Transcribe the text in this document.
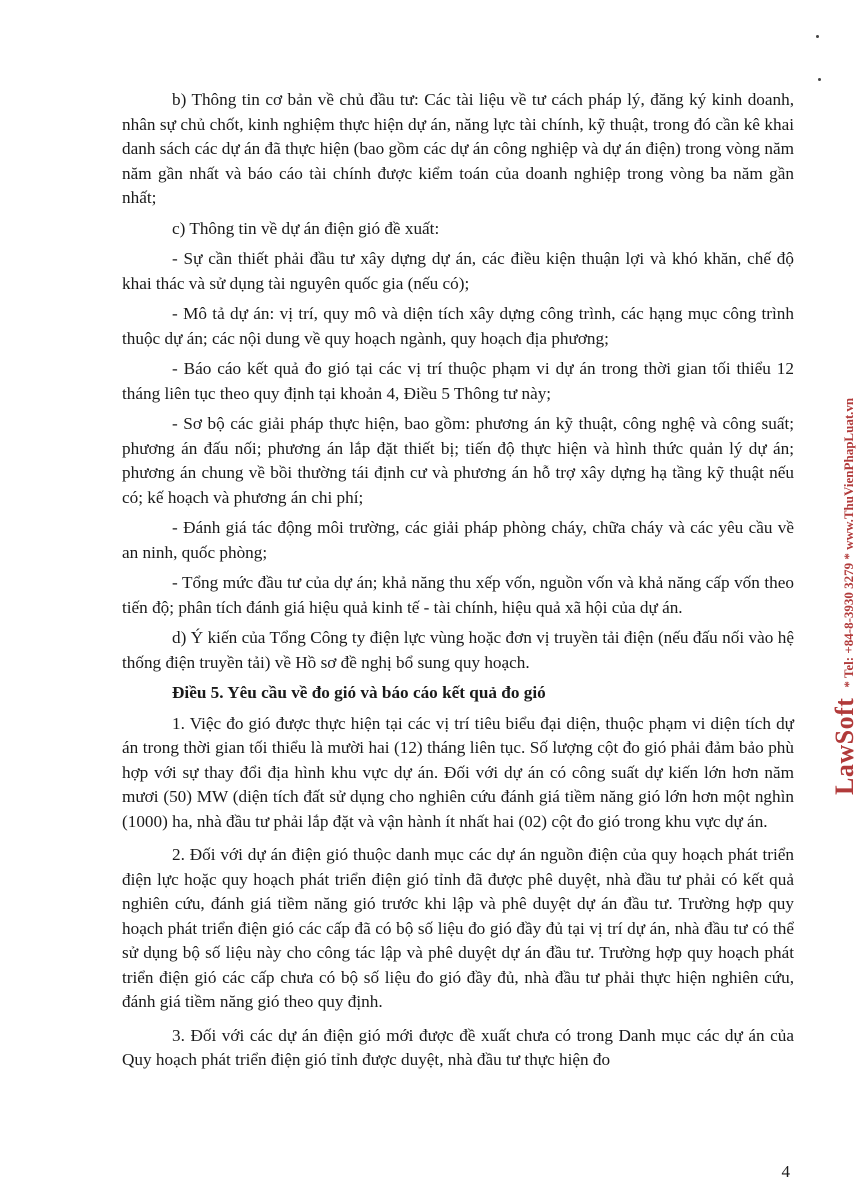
b) Thông tin cơ bản về chủ đầu tư: Các tài liệu về tư cách pháp lý, đăng ký kinh doanh, nhân sự chủ chốt, kinh nghiệm thực hiện dự án, năng lực tài chính, kỹ thuật, trong đó cần kê khai danh sách các dự án đã thực hiện (bao gồm các dự án công nghiệp và dự án điện) trong vòng năm năm gần nhất và báo cáo tài chính được kiểm toán của doanh nghiệp trong vòng ba năm gần nhất;

c) Thông tin về dự án điện gió đề xuất:

- Sự cần thiết phải đầu tư xây dựng dự án, các điều kiện thuận lợi và khó khăn, chế độ khai thác và sử dụng tài nguyên quốc gia (nếu có);

- Mô tả dự án: vị trí, quy mô và diện tích xây dựng công trình, các hạng mục công trình thuộc dự án; các nội dung về quy hoạch ngành, quy hoạch địa phương;

- Báo cáo kết quả đo gió tại các vị trí thuộc phạm vi dự án trong thời gian tối thiểu 12 tháng liên tục theo quy định tại khoản 4, Điều 5 Thông tư này;

- Sơ bộ các giải pháp thực hiện, bao gồm: phương án kỹ thuật, công nghệ và công suất; phương án đấu nối; phương án lắp đặt thiết bị; tiến độ thực hiện và hình thức quản lý dự án; phương án chung về bồi thường tái định cư và phương án hỗ trợ xây dựng hạ tầng kỹ thuật nếu có; kế hoạch và phương án chi phí;

- Đánh giá tác động môi trường, các giải pháp phòng cháy, chữa cháy và các yêu cầu về an ninh, quốc phòng;

- Tổng mức đầu tư của dự án; khả năng thu xếp vốn, nguồn vốn và khả năng cấp vốn theo tiến độ; phân tích đánh giá hiệu quả kinh tế - tài chính, hiệu quả xã hội của dự án.

d) Ý kiến của Tổng Công ty điện lực vùng hoặc đơn vị truyền tải điện (nếu đấu nối vào hệ thống điện truyền tải) về Hồ sơ đề nghị bổ sung quy hoạch.

Điều 5. Yêu cầu về đo gió và báo cáo kết quả đo gió

1. Việc đo gió được thực hiện tại các vị trí tiêu biểu đại diện, thuộc phạm vi diện tích dự án trong thời gian tối thiểu là mười hai (12) tháng liên tục. Số lượng cột đo gió phải đảm bảo phù hợp với sự thay đổi địa hình khu vực dự án. Đối với dự án có công suất dự kiến lớn hơn năm mươi (50) MW (diện tích đất sử dụng cho nghiên cứu đánh giá tiềm năng gió lớn hơn một nghìn (1000) ha, nhà đầu tư phải lắp đặt và vận hành ít nhất hai (02) cột đo gió trong khu vực dự án.

2. Đối với dự án điện gió thuộc danh mục các dự án nguồn điện của quy hoạch phát triển điện lực hoặc quy hoạch phát triển điện gió tỉnh đã được phê duyệt, nhà đầu tư phải có kết quả nghiên cứu, đánh giá tiềm năng gió trước khi lập và phê duyệt dự án đầu tư. Trường hợp quy hoạch phát triển điện gió các cấp đã có bộ số liệu đo gió đầy đủ tại vị trí dự án, nhà đầu tư có thể sử dụng bộ số liệu này cho công tác lập và phê duyệt dự án đầu tư. Trường hợp quy hoạch phát triển điện gió các cấp chưa có bộ số liệu đo gió đầy đủ, nhà đầu tư phải thực hiện nghiên cứu, đánh giá tiềm năng gió theo quy định.

3. Đối với các dự án điện gió mới được đề xuất chưa có trong Danh mục các dự án của Quy hoạch phát triển điện gió tỉnh được duyệt, nhà đầu tư thực hiện đo

LawSoft* Tel: +84-8-3930 3279 * www.ThuVienPhapLuat.vn
4
